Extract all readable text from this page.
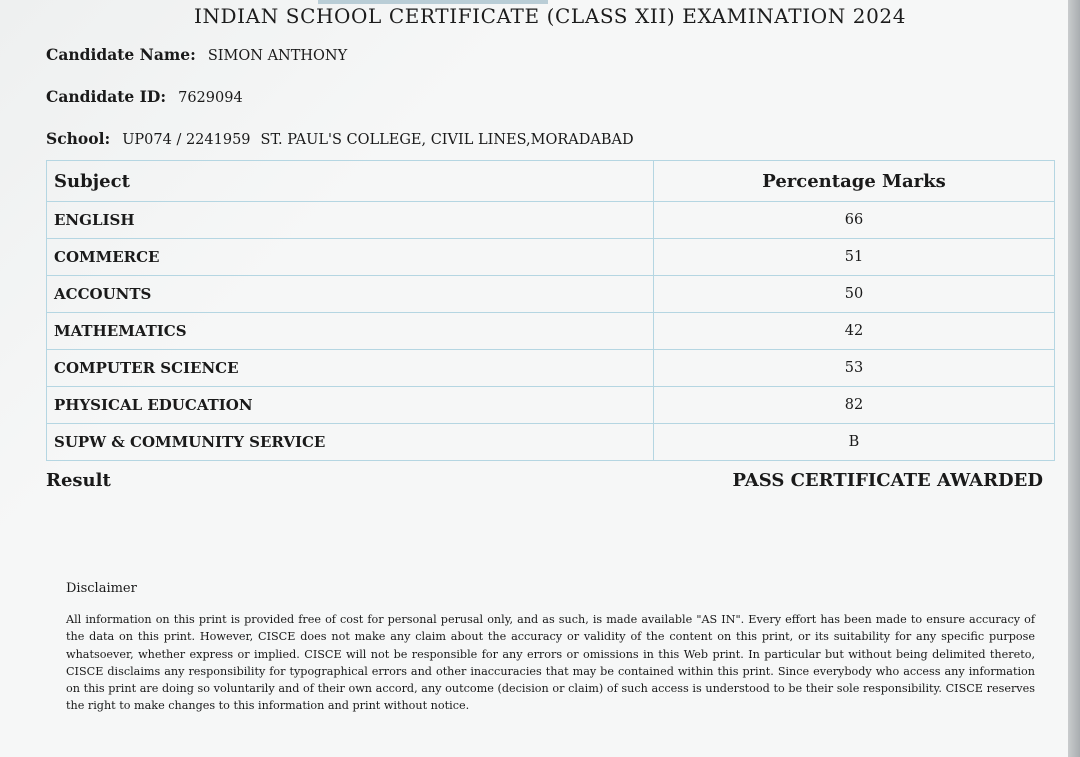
INDIAN SCHOOL CERTIFICATE (CLASS XII) EXAMINATION 2024
Candidate Name: SIMON ANTHONY
Candidate ID: 7629094
School: UP074 / 2241959 ST. PAUL'S COLLEGE, CIVIL LINES,MORADABAD
Subject	Percentage Marks
ENGLISH	66
COMMERCE	51
ACCOUNTS	50
MATHEMATICS	42
COMPUTER SCIENCE	53
PHYSICAL EDUCATION	82
SUPW & COMMUNITY SERVICE	B
Result	PASS CERTIFICATE AWARDED
Disclaimer
All information on this print is provided free of cost for personal perusal only, and as such, is made available "AS IN". Every effort has been made to ensure accuracy of the data on this print. However, CISCE does not make any claim about the accuracy or validity of the content on this print, or its suitability for any specific purpose whatsoever, whether express or implied. CISCE will not be responsible for any errors or omissions in this Web print. In particular but without being delimited thereto, CISCE disclaims any responsibility for typographical errors and other inaccuracies that may be contained within this print. Since everybody who access any information on this print are doing so voluntarily and of their own accord, any outcome (decision or claim) of such access is understood to be their sole responsibility. CISCE reserves the right to make changes to this information and print without notice.
